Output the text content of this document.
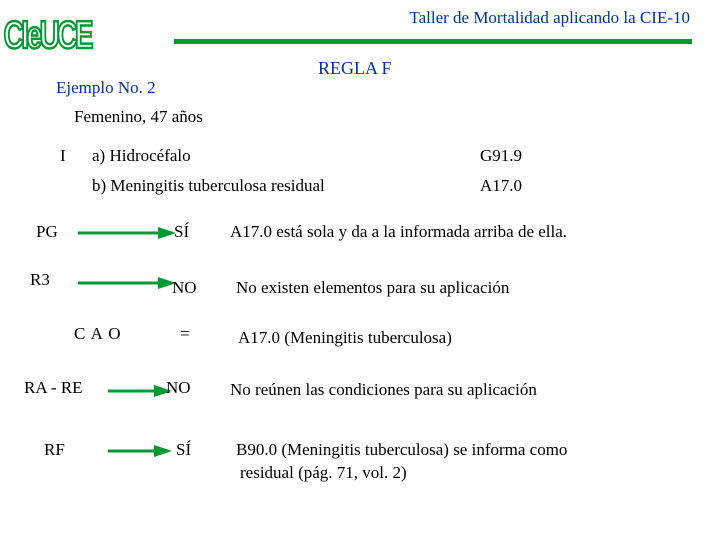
CIeUCE	Taller de Mortalidad aplicando la CIE-10
REGLA F
Ejemplo No. 2
Femenino, 47 años
I a) Hidrocéfalo	G91.9
b) Meningitis tuberculosa residual	A17.0
PG	SÍ A17.0 está sola y da a la informada arriba de ella.
R3	NO No existen elementos para su aplicación
C A O	=	A17.0 (Meningitis tuberculosa)
RA - RE	NO No reúnen las condiciones para su aplicación
RF	SÍ	B90.0 (Meningitis tuberculosa) se informa como
residual (pág. 71, vol. 2)
